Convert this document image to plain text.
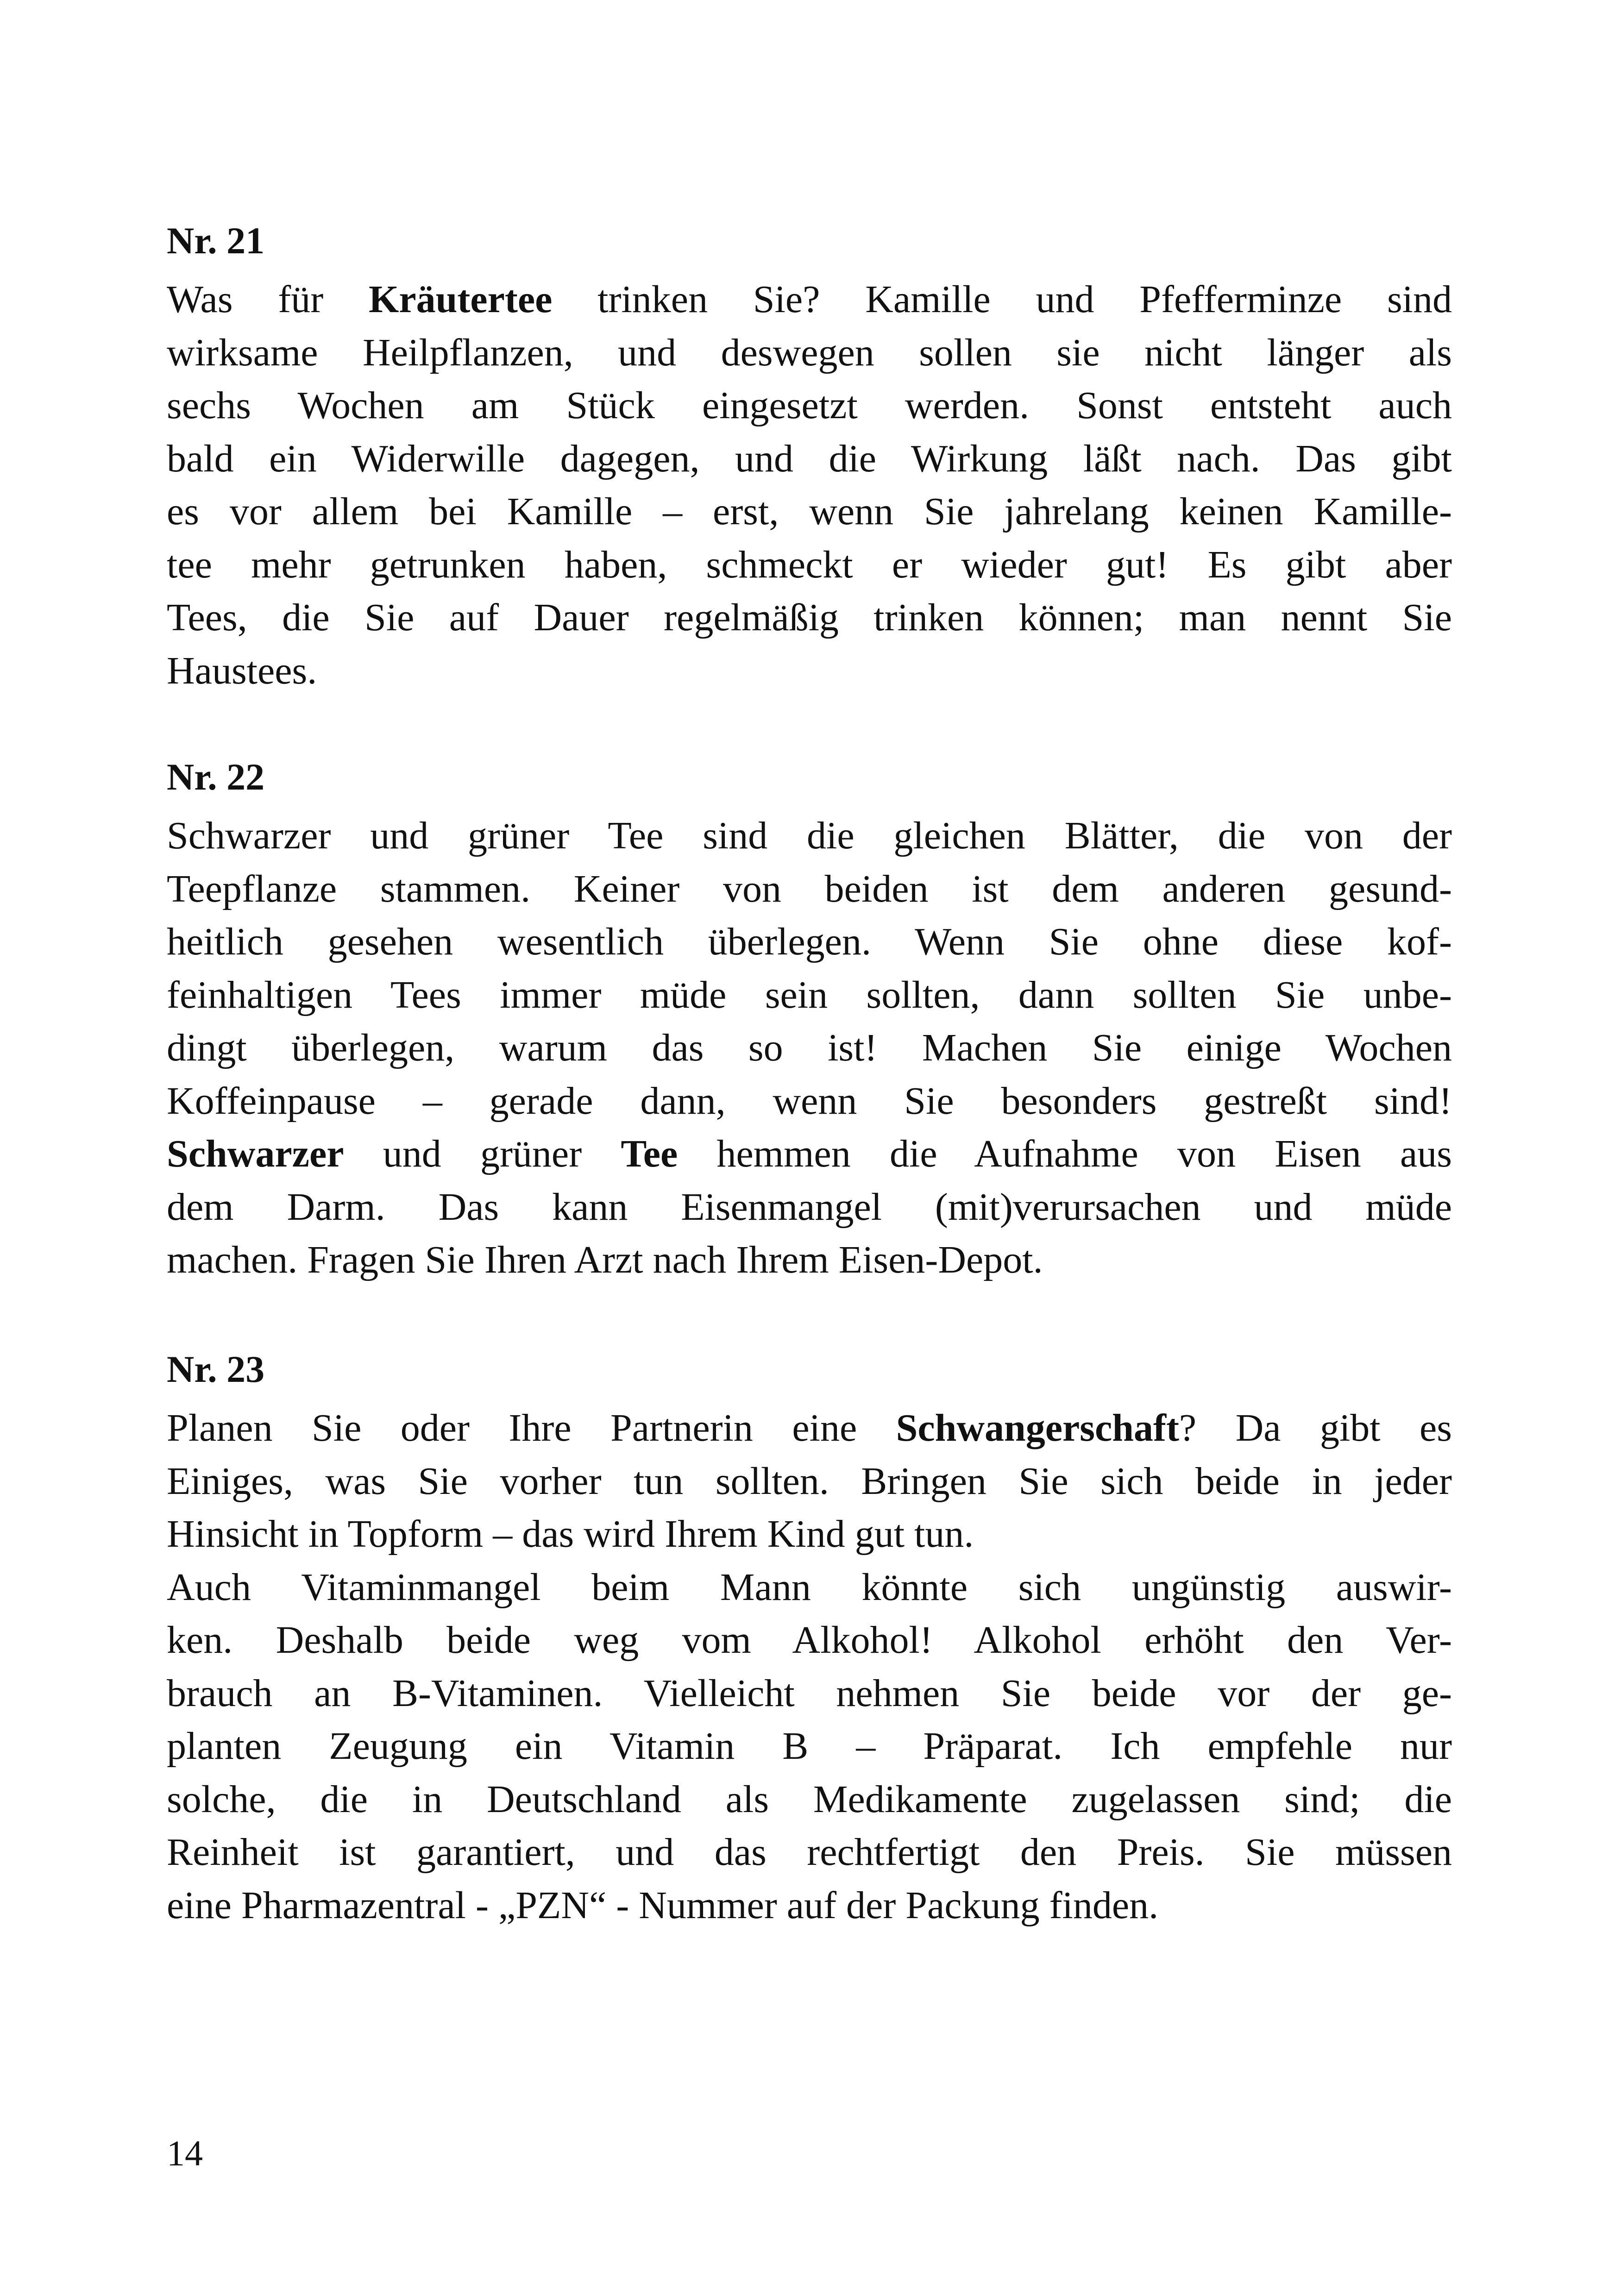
Nr. 21

Was für Kräutertee trinken Sie? Kamille und Pfefferminze sind
wirksame Heilpflanzen, und deswegen sollen sie nicht länger als
sechs Wochen am Stück eingesetzt werden. Sonst entsteht auch
bald ein Widerwille dagegen, und die Wirkung läßt nach. Das gibt
es vor allem bei Kamille – erst, wenn Sie jahrelang keinen Kamille-
tee mehr getrunken haben, schmeckt er wieder gut! Es gibt aber
Tees, die Sie auf Dauer regelmäßig trinken können; man nennt Sie
Haustees.

Nr. 22

Schwarzer und grüner Tee sind die gleichen Blätter, die von der
Teepflanze stammen. Keiner von beiden ist dem anderen gesund-
heitlich gesehen wesentlich überlegen. Wenn Sie ohne diese kof-
feinhaltigen Tees immer müde sein sollten, dann sollten Sie unbe-
dingt überlegen, warum das so ist! Machen Sie einige Wochen
Koffeinpause – gerade dann, wenn Sie besonders gestreßt sind!
Schwarzer und grüner Tee hemmen die Aufnahme von Eisen aus
dem Darm. Das kann Eisenmangel (mit)verursachen und müde
machen. Fragen Sie Ihren Arzt nach Ihrem Eisen-Depot.

Nr. 23

Planen Sie oder Ihre Partnerin eine Schwangerschaft? Da gibt es
Einiges, was Sie vorher tun sollten. Bringen Sie sich beide in jeder
Hinsicht in Topform – das wird Ihrem Kind gut tun.
Auch Vitaminmangel beim Mann könnte sich ungünstig auswir-
ken. Deshalb beide weg vom Alkohol! Alkohol erhöht den Ver-
brauch an B-Vitaminen. Vielleicht nehmen Sie beide vor der ge-
planten Zeugung ein Vitamin B – Präparat. Ich empfehle nur
solche, die in Deutschland als Medikamente zugelassen sind; die
Reinheit ist garantiert, und das rechtfertigt den Preis. Sie müssen
eine Pharmazentral - „PZN“ - Nummer auf der Packung finden.

14
